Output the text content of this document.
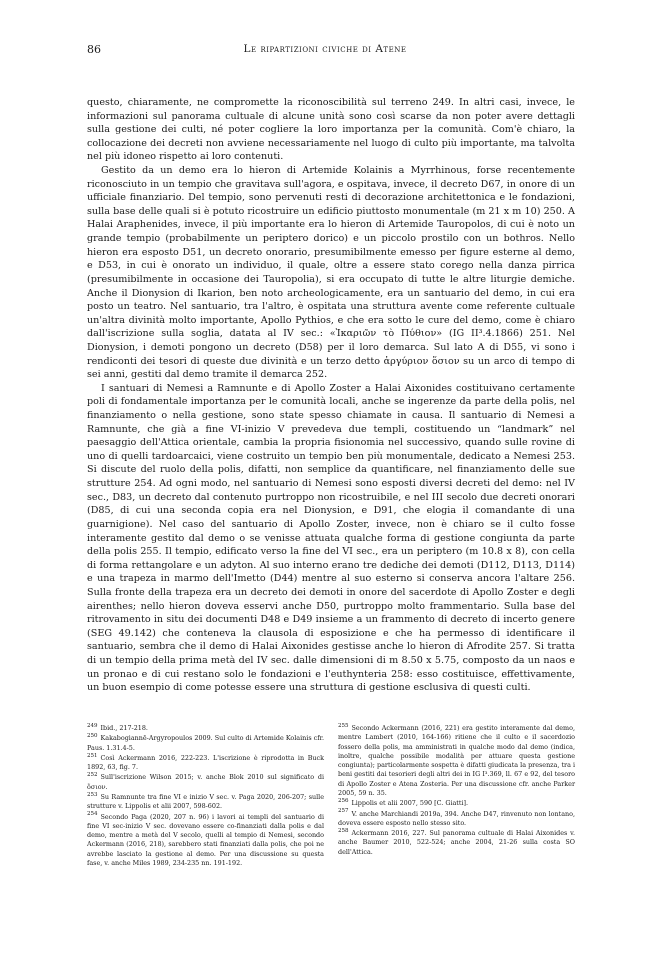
86	Le ripartizioni civiche di Atene

questo, chiaramente, ne compromette la riconoscibilità sul terreno 249. In altri casi, invece, le informazioni sul panorama cultuale di alcune unità sono così scarse da non poter avere dettagli sulla gestione dei culti, né poter cogliere la loro importanza per la comunità. Com'è chiaro, la collocazione dei decreti non avviene necessariamente nel luogo di culto più importante, ma talvolta nel più idoneo rispetto ai loro contenuti.

Gestito da un demo era lo hieron di Artemide Kolainis a Myrrhinous, forse recentemente riconosciuto in un tempio che gravitava sull'agora, e ospitava, invece, il decreto D67, in onore di un ufficiale finanziario. Del tempio, sono pervenuti resti di decorazione architettonica e le fondazioni, sulla base delle quali si è potuto ricostruire un edificio piuttosto monumentale (m 21 x m 10) 250. A Halai Araphenides, invece, il più importante era lo hieron di Artemide Tauropolos, di cui è noto un grande tempio (probabilmente un periptero dorico) e un piccolo prostilo con un bothros. Nello hieron era esposto D51, un decreto onorario, presumibilmente emesso per figure esterne al demo, e D53, in cui è onorato un individuo, il quale, oltre a essere stato corego nella danza pirrica (presumibilmente in occasione dei Tauropolia), si era occupato di tutte le altre liturgie demiche. Anche il Dionysion di Ikarion, ben noto archeologicamente, era un santuario del demo, in cui era posto un teatro. Nel santuario, tra l'altro, è ospitata una struttura avente come referente cultuale un'altra divinità molto importante, Apollo Pythios, e che era sotto le cure del demo, come è chiaro dall'iscrizione sulla soglia, datata al IV sec.: «Ἰκαριῶν τὸ Πύθιον» (IG II³.4.1866) 251. Nel Dionysion, i demoti pongono un decreto (D58) per il loro demarca. Sul lato A di D55, vi sono i rendiconti dei tesori di queste due divinità e un terzo detto ἀργύριον ὅσιον su un arco di tempo di sei anni, gestiti dal demo tramite il demarca 252.

I santuari di Nemesi a Ramnunte e di Apollo Zoster a Halai Aixonides costituivano certamente poli di fondamentale importanza per le comunità locali, anche se ingerenze da parte della polis, nel finanziamento o nella gestione, sono state spesso chiamate in causa. Il santuario di Nemesi a Ramnunte, che già a fine VI-inizio V prevedeva due templi, costituendo un “landmark” nel paesaggio dell'Attica orientale, cambia la propria fisionomia nel successivo, quando sulle rovine di uno di quelli tardoarcaici, viene costruito un tempio ben più monumentale, dedicato a Nemesi 253. Si discute del ruolo della polis, difatti, non semplice da quantificare, nel finanziamento delle sue strutture 254. Ad ogni modo, nel santuario di Nemesi sono esposti diversi decreti del demo: nel IV sec., D83, un decreto dal contenuto purtroppo non ricostruibile, e nel III secolo due decreti onorari (D85, di cui una seconda copia era nel Dionysion, e D91, che elogia il comandante di una guarnigione). Nel caso del santuario di Apollo Zoster, invece, non è chiaro se il culto fosse interamente gestito dal demo o se venisse attuata qualche forma di gestione congiunta da parte della polis 255. Il tempio, edificato verso la fine del VI sec., era un periptero (m 10.8 x 8), con cella di forma rettangolare e un adyton. Al suo interno erano tre dediche dei demoti (D112, D113, D114) e una trapeza in marmo dell'Imetto (D44) mentre al suo esterno si conserva ancora l'altare 256. Sulla fronte della trapeza era un decreto dei demoti in onore del sacerdote di Apollo Zoster e degli airenthes; nello hieron doveva esservi anche D50, purtroppo molto frammentario. Sulla base del ritrovamento in situ dei documenti D48 e D49 insieme a un frammento di decreto di incerto genere (SEG 49.142) che conteneva la clausola di esposizione e che ha permesso di identificare il santuario, sembra che il demo di Halai Aixonides gestisse anche lo hieron di Afrodite 257. Si tratta di un tempio della prima metà del IV sec. dalle dimensioni di m 8.50 x 5.75, composto da un naos e un pronao e di cui restano solo le fondazioni e l'euthynteria 258: esso costituisce, effettivamente, un buon esempio di come potesse essere una struttura di gestione esclusiva di questi culti.

249 Ibid., 217-218.
250 Kakabogiannē-Argyropoulos 2009. Sul culto di Artemide Kolainis cfr. Paus. 1.31.4-5.
251 Così Ackermann 2016, 222-223. L'iscrizione è riprodotta in Buck 1892, 63, fig. 7.
252 Sull'iscrizione Wilson 2015; v. anche Blok 2010 sul significato di ὅσιον.
253 Su Ramnunte tra fine VI e inizio V sec. v. Paga 2020, 206-207; sulle strutture v. Lippolis et alii 2007, 598-602.
254 Secondo Paga (2020, 207 n. 96) i lavori ai templi del santuario di fine VI sec-inizio V sec. dovevano essere co-finanziati dalla polis e dal demo, mentre a metà del V secolo, quelli al tempio di Nemesi, secondo Ackermann (2016, 218), sarebbero stati finanziati dalla polis, che poi ne avrebbe lasciato la gestione al demo. Per una discussione su questa fase, v. anche Miles 1989, 234-235 nn. 191-192.
255 Secondo Ackermann (2016, 221) era gestito interamente dal demo, mentre Lambert (2010, 164-166) ritiene che il culto e il sacerdozio fossero della polis, ma amministrati in qualche modo dal demo (indica, inoltre, qualche possibile modalità per attuare questa gestione congiunta); particolarmente sospetta è difatti giudicata la presenza, tra i beni gestiti dai tesorieri degli altri dei in IG I³.369, ll. 67 e 92, del tesoro di Apollo Zoster e Atena Zosteria. Per una discussione cfr. anche Parker 2005, 59 n. 35.
256 Lippolis et alii 2007, 590 [C. Giatti].
257 V. anche Marchiandi 2019a, 394. Anche D47, rinvenuto non lontano, doveva essere esposto nello stesso sito.
258 Ackermann 2016, 227. Sul panorama cultuale di Halai Aixonides v. anche Baumer 2010, 522-524; anche 2004, 21-26 sulla costa SO dell'Attica.
